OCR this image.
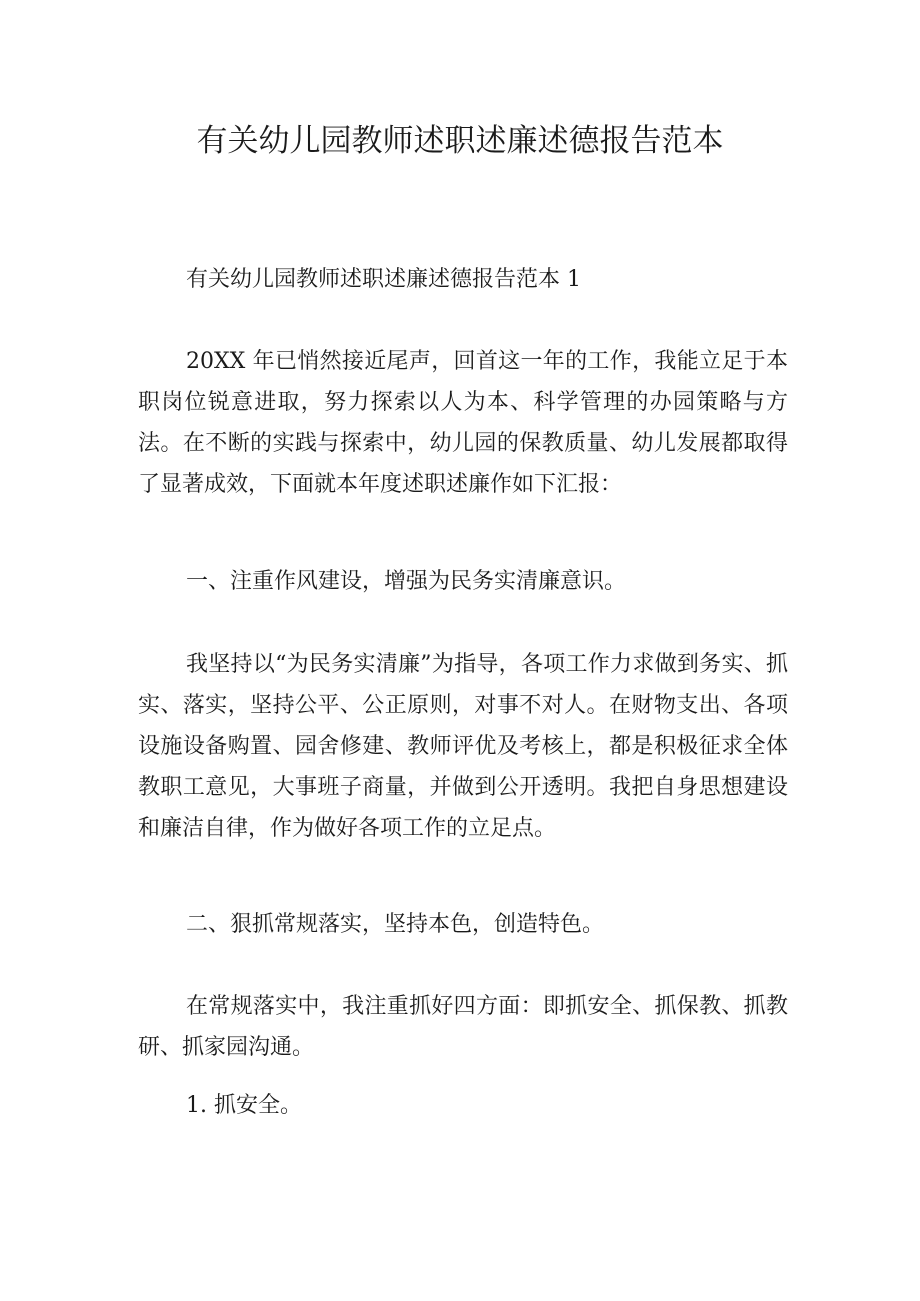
有关幼儿园教师述职述廉述德报告范本

有关幼儿园教师述职述廉述德报告范本 1

20XX 年已悄然接近尾声，回首这一年的工作，我能立足于本职岗位锐意进取，努力探索以人为本、科学管理的办园策略与方法。在不断的实践与探索中，幼儿园的保教质量、幼儿发展都取得了显著成效，下面就本年度述职述廉作如下汇报：

一、注重作风建设，增强为民务实清廉意识。

我坚持以“为民务实清廉”为指导，各项工作力求做到务实、抓实、落实，坚持公平、公正原则，对事不对人。在财物支出、各项设施设备购置、园舍修建、教师评优及考核上，都是积极征求全体教职工意见，大事班子商量，并做到公开透明。我把自身思想建设和廉洁自律，作为做好各项工作的立足点。

二、狠抓常规落实，坚持本色，创造特色。

在常规落实中，我注重抓好四方面：即抓安全、抓保教、抓教研、抓家园沟通。

1. 抓安全。
